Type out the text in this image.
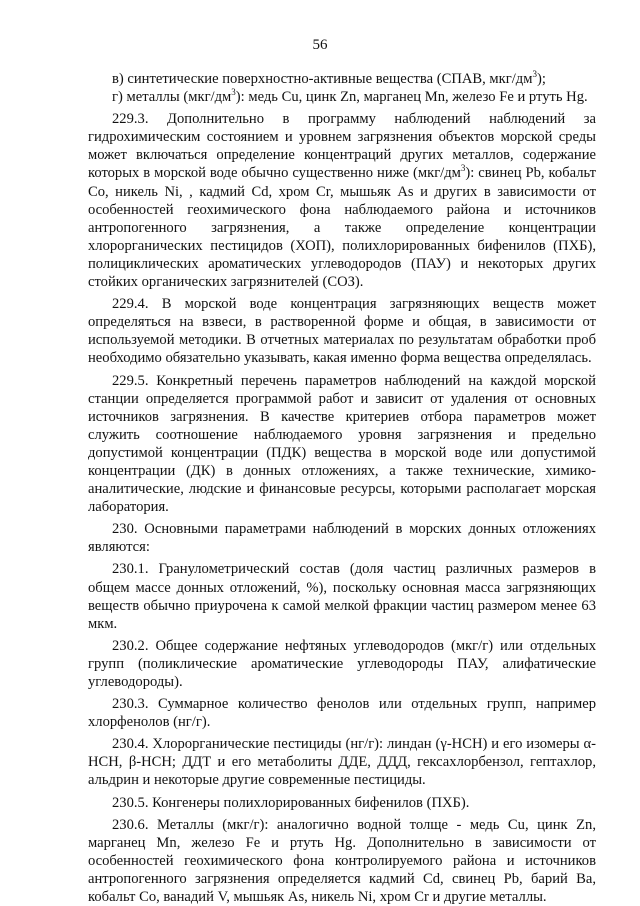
56

в) синтетические поверхностно-активные вещества (СПАВ, мкг/$дм^3$);

г) металлы $(мкг/дм^3)$: медь Cu, цинк Zn, марганец Mn, железо Fe и ртуть Hg.

229.3. Дополнительно в программу наблюдений наблюдений за гидрохимическим состоянием и уровнем загрязнения объектов морской среды может включаться определение концентраций других металлов, содержание которых в морской воде обычно существенно ниже $(мкг/дм^3)$: свинец Pb, кобальт Co, никель Ni, , кадмий Cd, хром Cr, мышьяк As и других в зависимости от особенностей геохимического фона наблюдаемого района и источников антропогенного загрязнения, а также определение концентрации хлорорганических пестицидов (ХОП), полихлорированных бифенилов (ПХБ), полициклических ароматических углеводородов (ПАУ) и некоторых других стойких органических загрязнителей (СОЗ).

229.4. В морской воде концентрация загрязняющих веществ может определяться на взвеси, в растворенной форме и общая, в зависимости от используемой методики. В отчетных материалах по результатам обработки проб необходимо обязательно указывать, какая именно форма вещества определялась.

229.5. Конкретный перечень параметров наблюдений на каждой морской станции определяется программой работ и зависит от удаления от основных источников загрязнения. В качестве критериев отбора параметров может служить соотношение наблюдаемого уровня загрязнения и предельно допустимой концентрации (ПДК) вещества в морской воде или допустимой концентрации (ДК) в донных отложениях, а также технические, химико-аналитические, людские и финансовые ресурсы, которыми располагает морская лаборатория.

230. Основными параметрами наблюдений в морских донных отложениях являются:

230.1. Гранулометрический состав (доля частиц различных размеров в общем массе донных отложений, %), поскольку основная масса загрязняющих веществ обычно приурочена к самой мелкой фракции частиц размером менее 63 мкм.

230.2. Общее содержание нефтяных углеводородов (мкг/г) или отдельных групп (поликлические ароматические углеводороды ПАУ, алифатические углеводороды).

230.3. Суммарное количество фенолов или отдельных групп, например хлорфенолов (нг/г).

230.4. Хлорорганические пестициды (нг/г): линдан (γ-НСН) и его изомеры α-НСН, β-НСН; ДДТ и его метаболиты ДДЕ, ДДД, гексахлорбензол, гептахлор, альдрин и некоторые другие современные пестициды.

230.5. Конгенеры полихлорированных бифенилов (ПХБ).

230.6. Металлы (мкг/г): аналогично водной толще - медь Cu, цинк Zn, марганец Mn, железо Fe и ртуть Hg. Дополнительно в зависимости от особенностей геохимического фона контролируемого района и источников антропогенного загрязнения определяется кадмий Cd, свинец Pb, барий Ba, кобальт Co, ванадий V, мышьяк As, никель Ni, хром Cr и другие металлы.
